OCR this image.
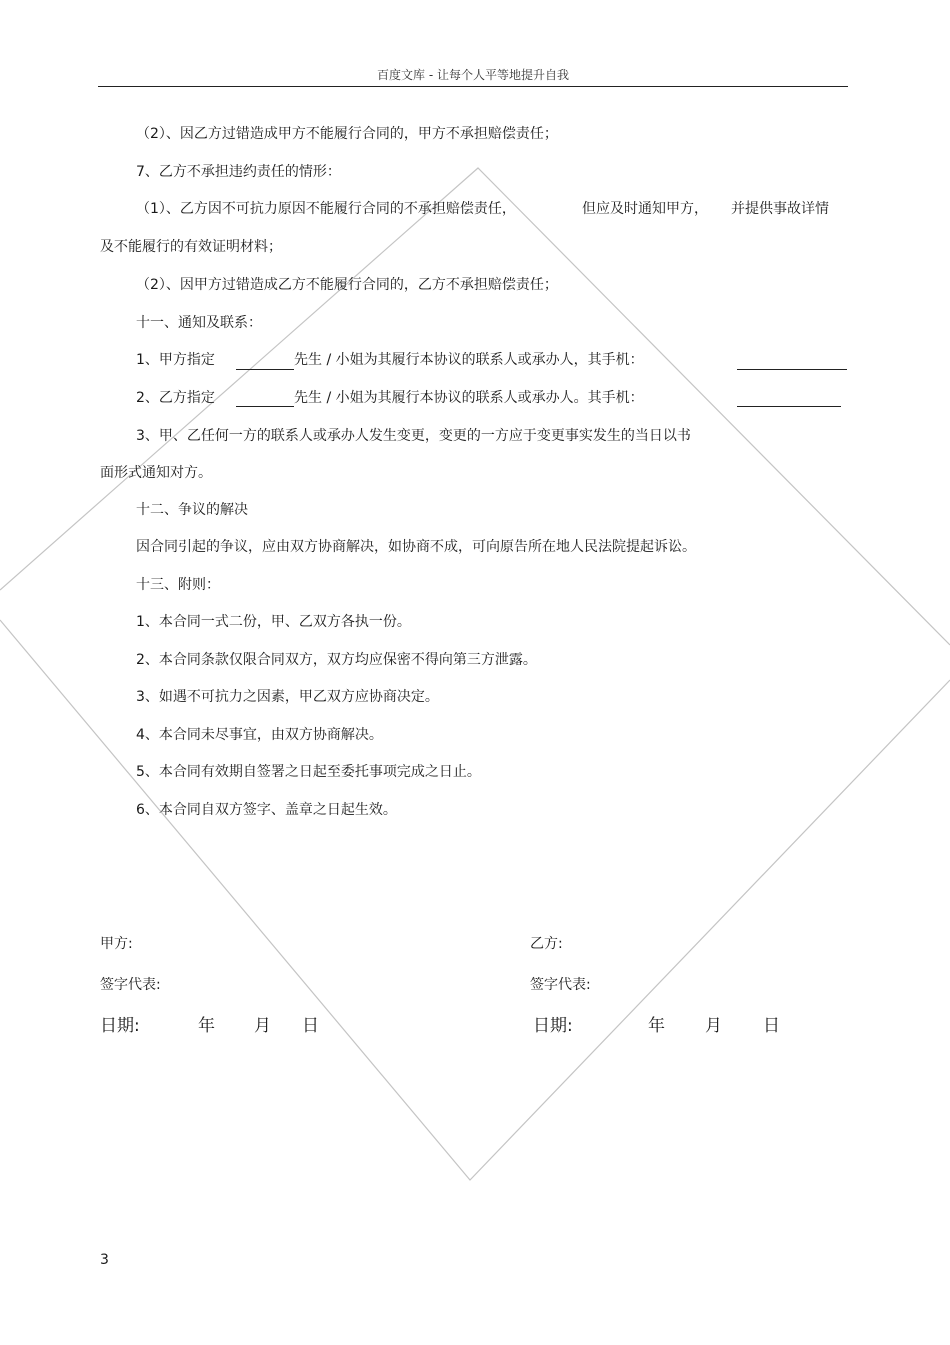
百度文库 - 让每个人平等地提升自我
（2）、因乙方过错造成甲方不能履行合同的，甲方不承担赔偿责任；
7、乙方不承担违约责任的情形：
（1）、乙方因不可抗力原因不能履行合同的不承担赔偿责任，	但应及时通知甲方， 并提供事故详情
及不能履行的有效证明材料；
（2）、因甲方过错造成乙方不能履行合同的，乙方不承担赔偿责任；
十一、通知及联系：
1、甲方指定	先生 / 小姐为其履行本协议的联系人或承办人，其手机：
2、乙方指定	先生 / 小姐为其履行本协议的联系人或承办人。其手机：
3、甲、乙任何一方的联系人或承办人发生变更，变更的一方应于变更事实发生的当日以书
面形式通知对方。
十二、争议的解决
因合同引起的争议，应由双方协商解决，如协商不成，可向原告所在地人民法院提起诉讼。
十三、附则：
1、本合同一式二份，甲、乙双方各执一份。
2、本合同条款仅限合同双方，双方均应保密不得向第三方泄露。
3、如遇不可抗力之因素，甲乙双方应协商决定。
4、本合同未尽事宜，由双方协商解决。
5、本合同有效期自签署之日起至委托事项完成之日止。
6、本合同自双方签字、盖章之日起生效。
甲方:	乙方:
签字代表:	签字代表:
日期:	年 月 日	日期:	年 月 日
3
